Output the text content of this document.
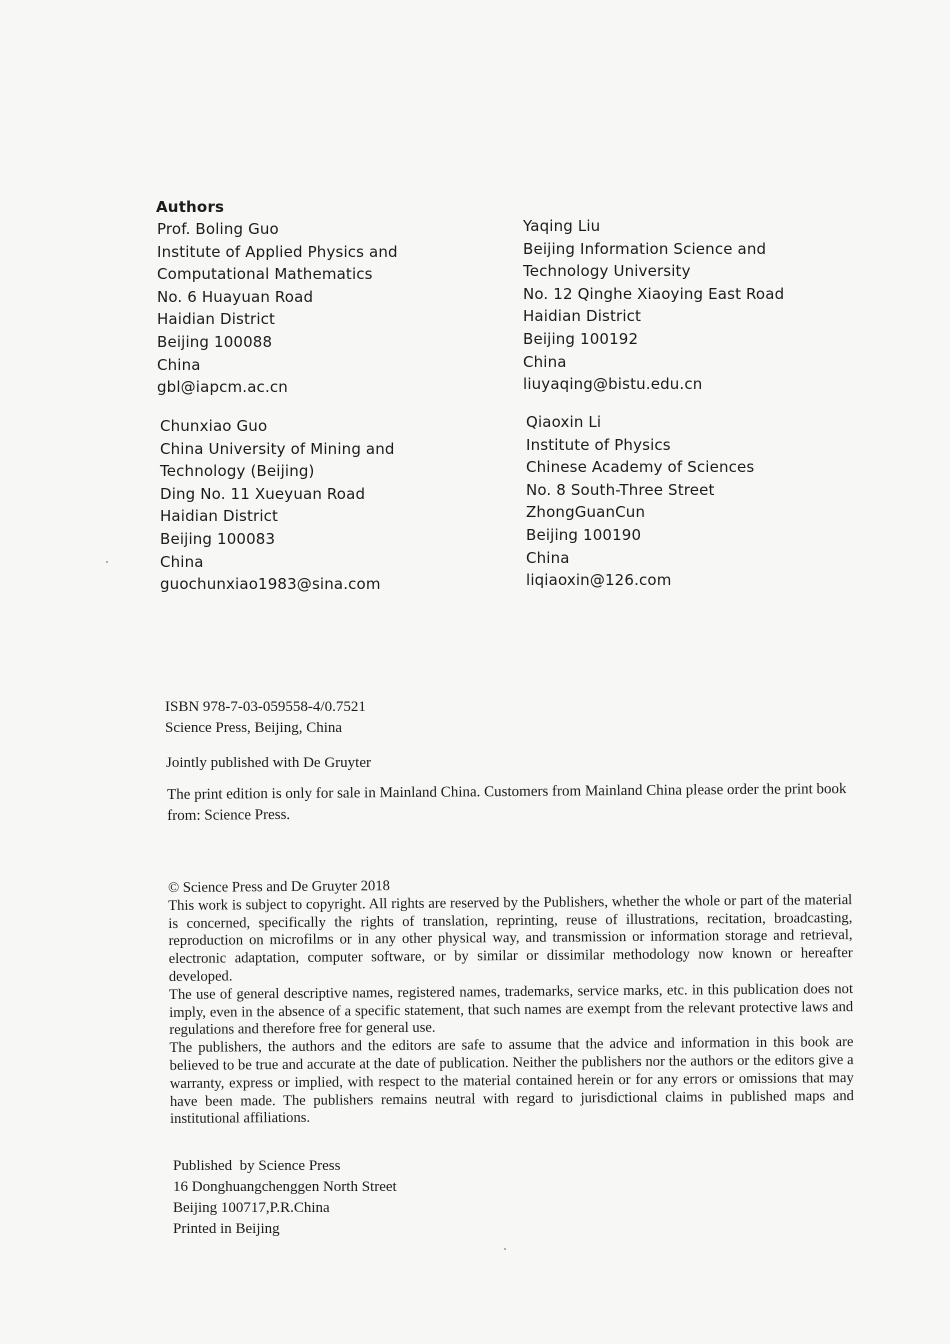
Authors
Prof. Boling Guo
Institute of Applied Physics and
Computational Mathematics
No. 6 Huayuan Road
Haidian District
Beijing 100088
China
gbl@iapcm.ac.cn
Chunxiao Guo
China University of Mining and
Technology (Beijing)
Ding No. 11 Xueyuan Road
Haidian District
Beijing 100083
China
guochunxiao1983@sina.com
Yaqing Liu
Beijing Information Science and
Technology University
No. 12 Qinghe Xiaoying East Road
Haidian District
Beijing 100192
China
liuyaqing@bistu.edu.cn
Qiaoxin Li
Institute of Physics
Chinese Academy of Sciences
No. 8 South-Three Street
ZhongGuanCun
Beijing 100190
China
liqiaoxin@126.com
ISBN 978-7-03-059558-4/0.7521
Science Press, Beijing, China
Jointly published with De Gruyter
The print edition is only for sale in Mainland China. Customers from Mainland China please order the print book from: Science Press.

© Science Press and De Gruyter 2018

This work is subject to copyright. All rights are reserved by the Publishers, whether the whole or part of the material is concerned, specifically the rights of translation, reprinting, reuse of illustrations, recitation, broadcasting, reproduction on microfilms or in any other physical way, and transmission or information storage and retrieval, electronic adaptation, computer software, or by similar or dissimilar methodology now known or hereafter developed.

The use of general descriptive names, registered names, trademarks, service marks, etc. in this publication does not imply, even in the absence of a specific statement, that such names are exempt from the relevant protective laws and regulations and therefore free for general use.

The publishers, the authors and the editors are safe to assume that the advice and information in this book are believed to be true and accurate at the date of publication. Neither the publishers nor the authors or the editors give a warranty, express or implied, with respect to the material contained herein or for any errors or omissions that may have been made. The publishers remains neutral with regard to jurisdictional claims in published maps and institutional affiliations.

Published  by Science Press
16 Donghuangchenggen North Street
Beijing 100717,P.R.China
Printed in Beijing
